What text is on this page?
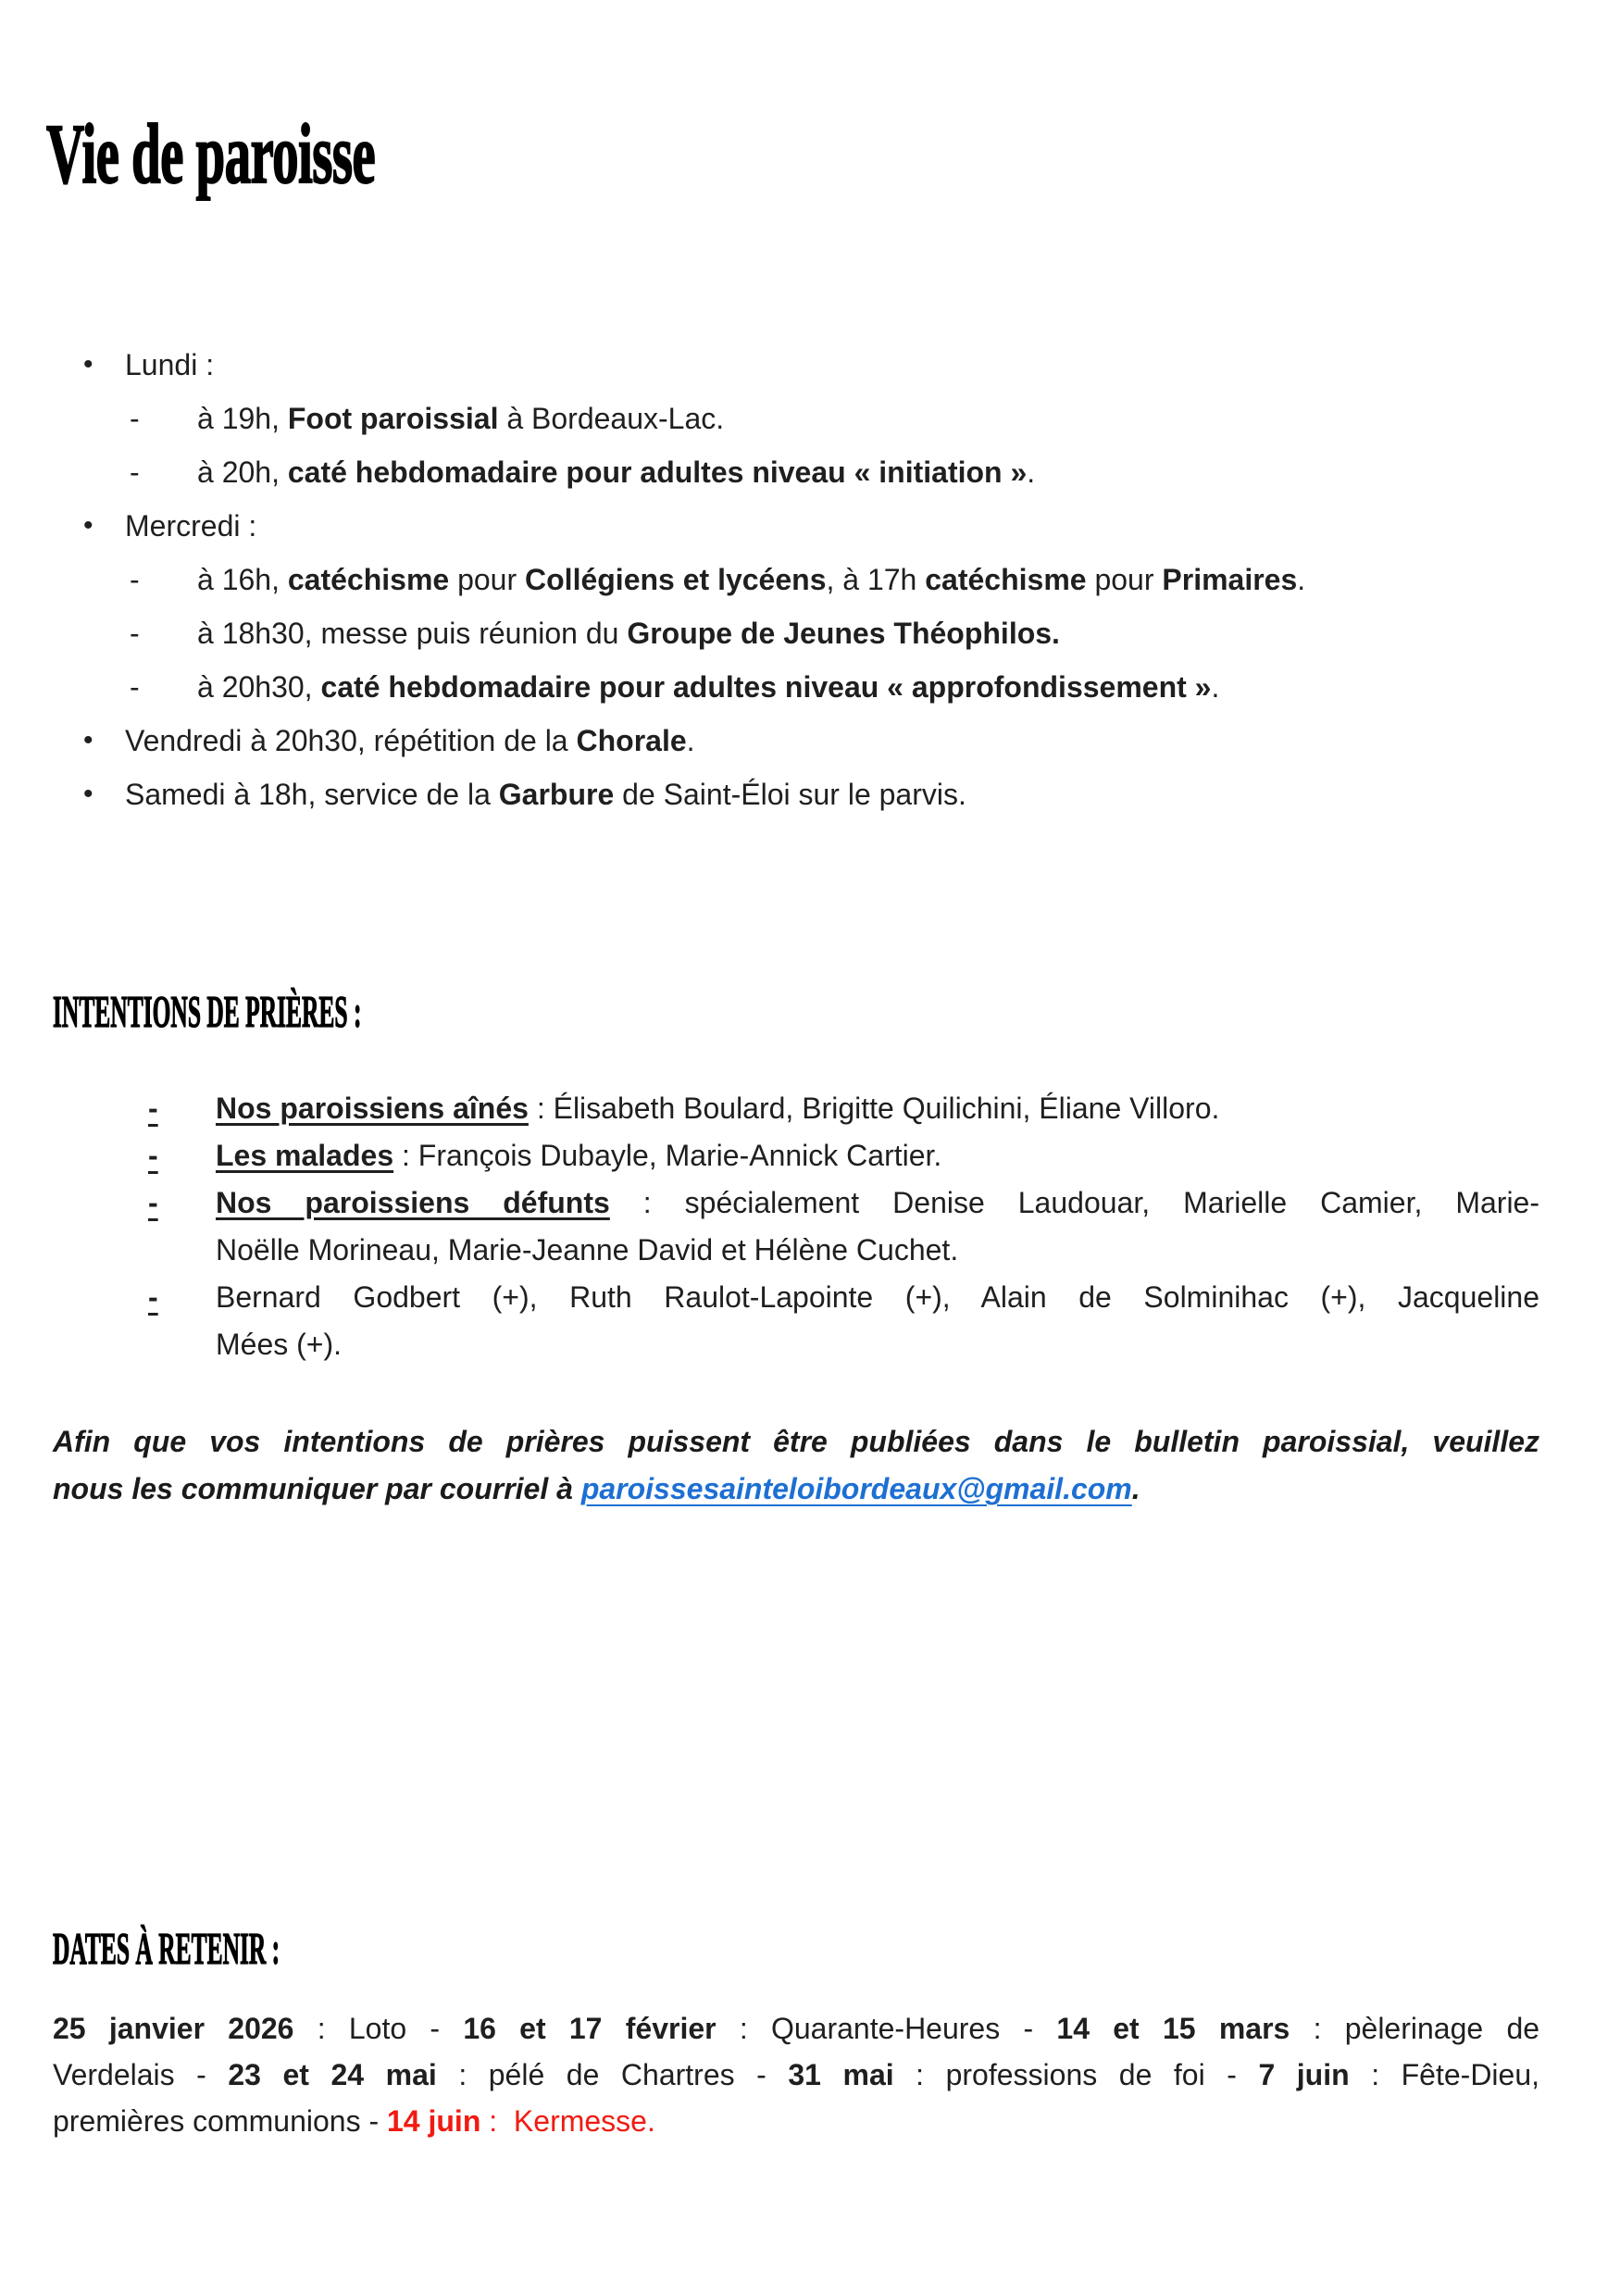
Vie de paroisse
• Lundi :
- à 19h, Foot paroissial à Bordeaux-Lac.
- à 20h, caté hebdomadaire pour adultes niveau « initiation ».
• Mercredi :
- à 16h, catéchisme pour Collégiens et lycéens, à 17h catéchisme pour Primaires.
- à 18h30, messe puis réunion du Groupe de Jeunes Théophilos.
- à 20h30, caté hebdomadaire pour adultes niveau « approfondissement ».
• Vendredi à 20h30, répétition de la Chorale.
• Samedi à 18h, service de la Garbure de Saint-Éloi sur le parvis.
INTENTIONS DE PRIÈRES :
- Nos paroissiens aînés : Élisabeth Boulard, Brigitte Quilichini, Éliane Villoro.
- Les malades : François Dubayle, Marie-Annick Cartier.
- Nos paroissiens défunts : spécialement Denise Laudouar, Marielle Camier, Marie-
Noëlle Morineau, Marie-Jeanne David et Hélène Cuchet.
- Bernard Godbert (+), Ruth Raulot-Lapointe (+), Alain de Solminihac (+), Jacqueline
Mées (+).
Afin que vos intentions de prières puissent être publiées dans le bulletin paroissial, veuillez
nous les communiquer par courriel à paroissesainteloibordeaux@gmail.com.
DATES À RETENIR :
25 janvier 2026 : Loto - 16 et 17 février : Quarante-Heures - 14 et 15 mars : pèlerinage de
Verdelais - 23 et 24 mai : pélé de Chartres - 31 mai : professions de foi - 7 juin : Fête-Dieu,
premières communions - 14 juin :  Kermesse.
